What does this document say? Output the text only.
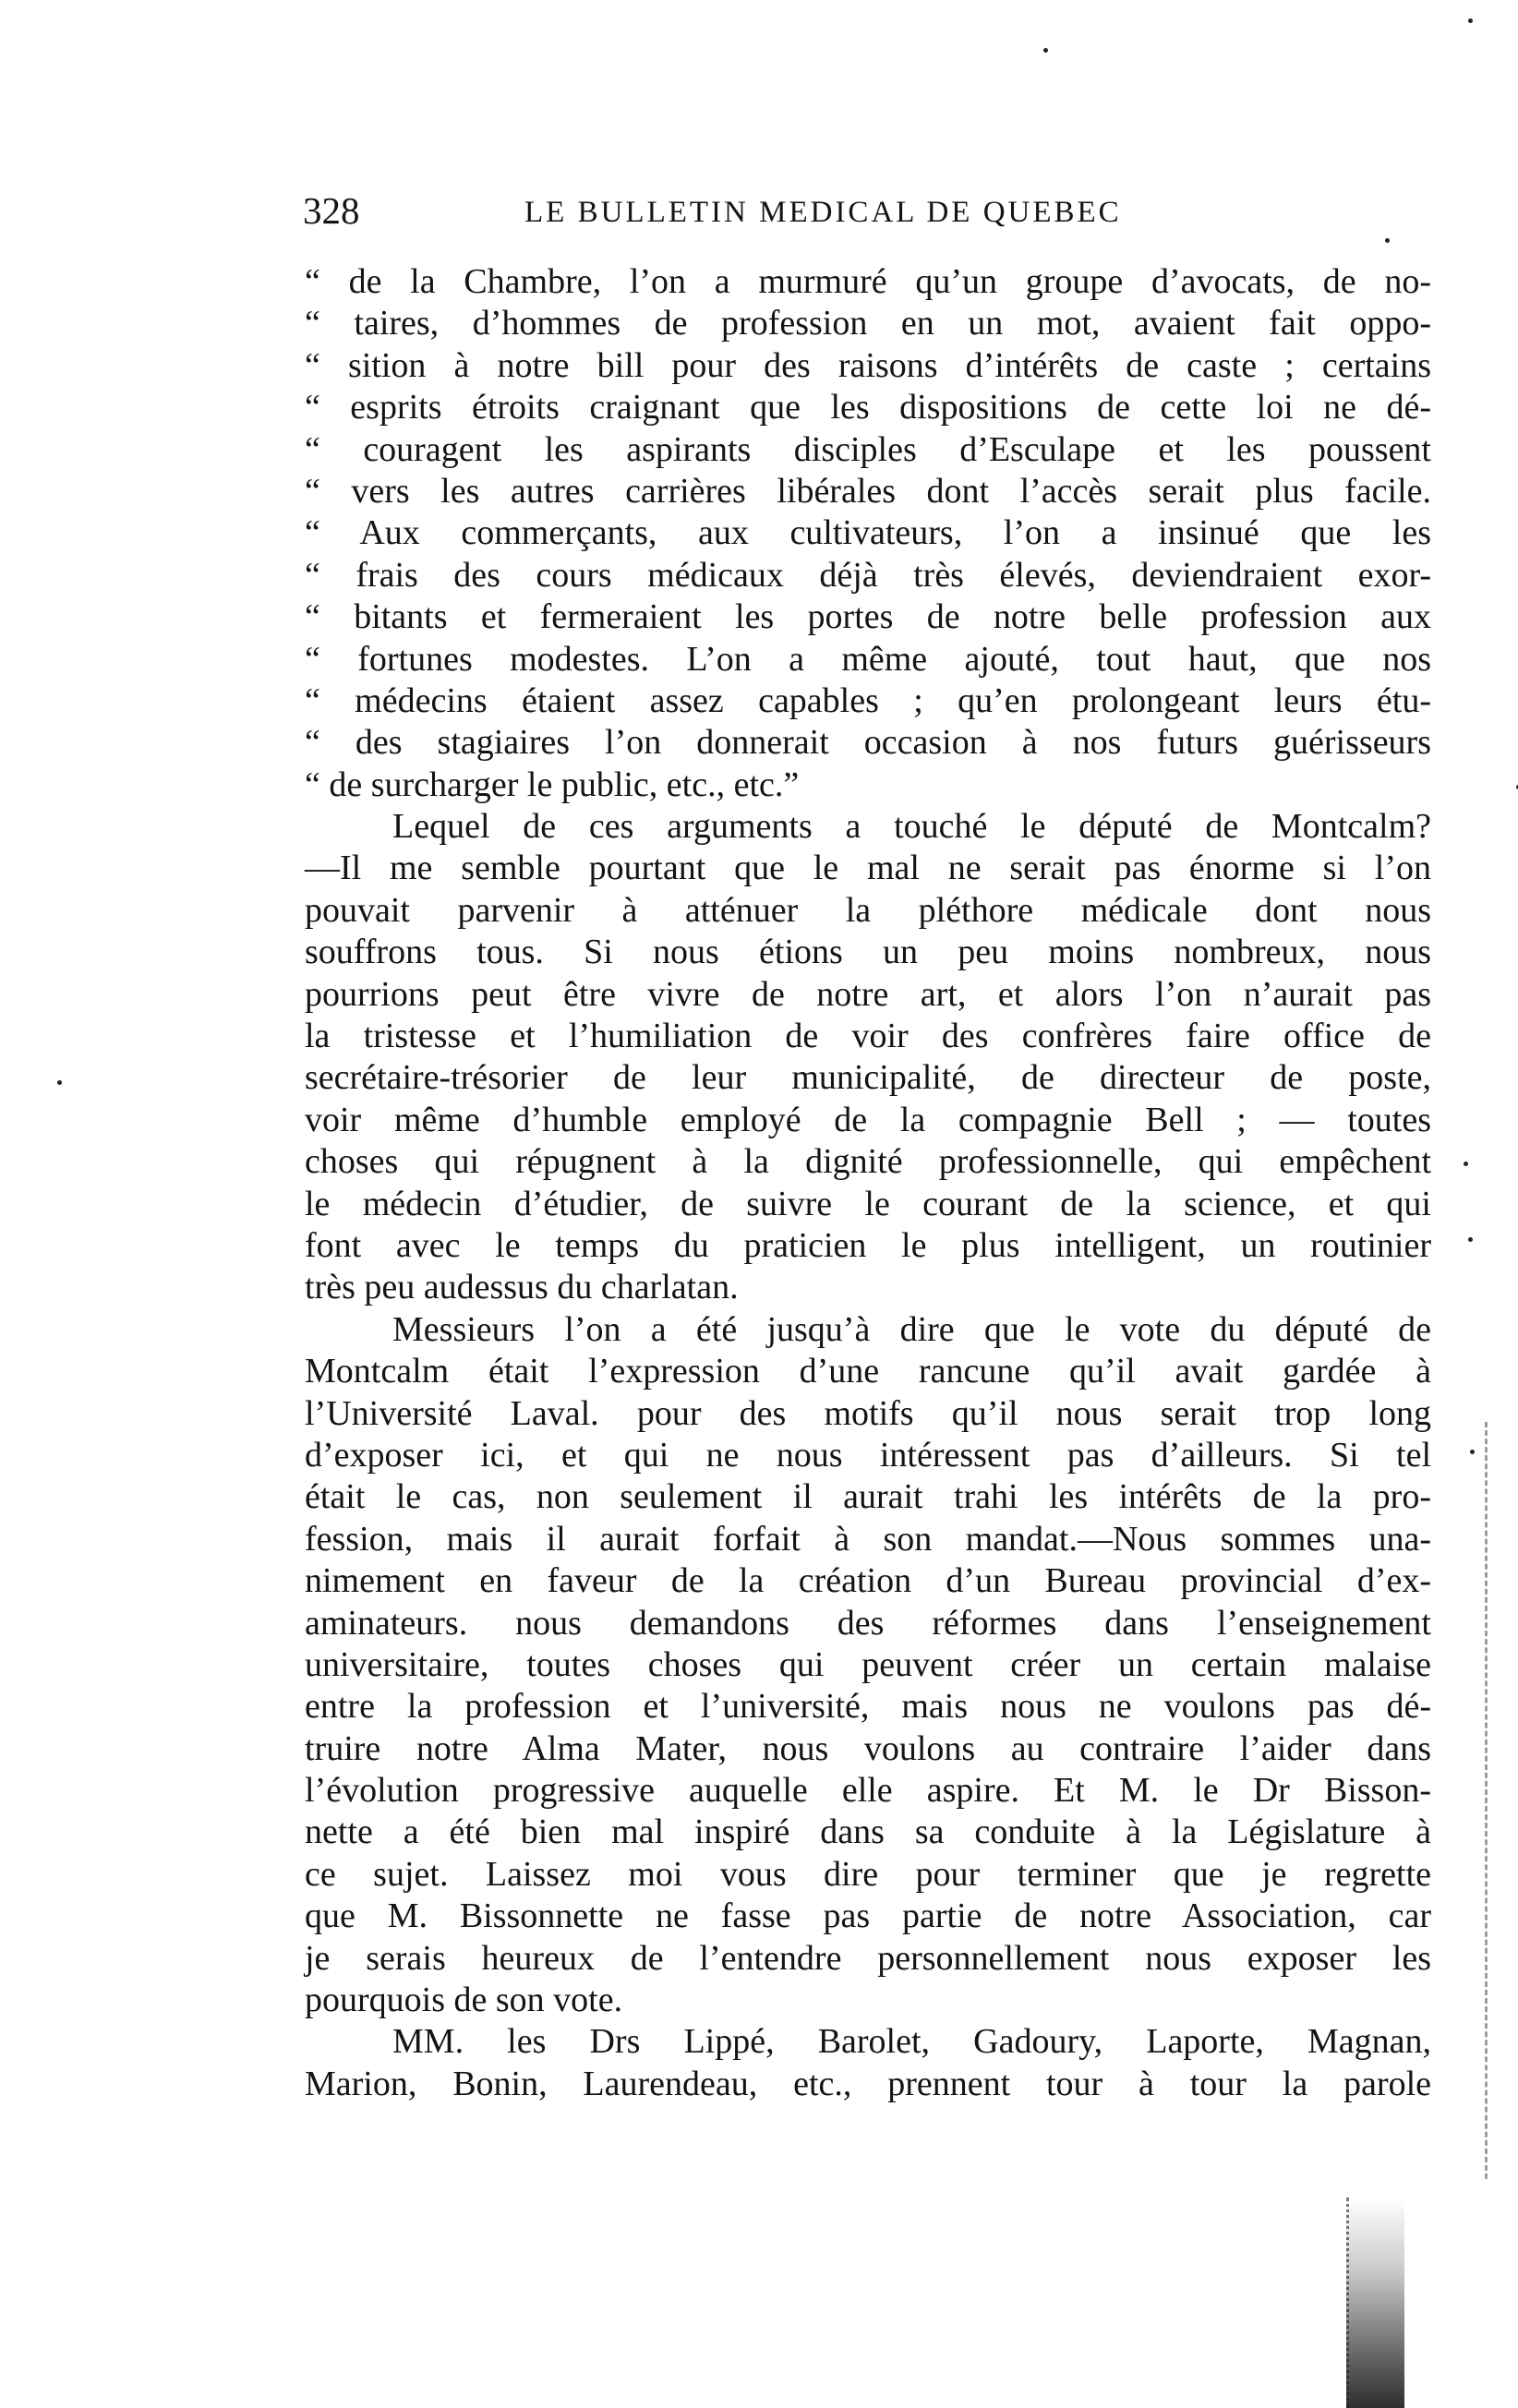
328	LE BULLETIN MEDICAL DE QUEBEC
“ de la Chambre, l’on a murmuré qu’un groupe d’avocats, de no-
“ taires, d’hommes de profession en un mot, avaient fait oppo-
“ sition à notre bill pour des raisons d’intérêts de caste ; certains
“ esprits étroits craignant que les dispositions de cette loi ne dé-
“ couragent les aspirants disciples d’Esculape et les poussent
“ vers les autres carrières libérales dont l’accès serait plus facile.
“ Aux commerçants, aux cultivateurs, l’on a insinué que les
“ frais des cours médicaux déjà très élevés, deviendraient exor-
“ bitants et fermeraient les portes de notre belle profession aux
“ fortunes modestes. L’on a même ajouté, tout haut, que nos
“ médecins étaient assez capables ; qu’en prolongeant leurs étu-
“ des stagiaires l’on donnerait occasion à nos futurs guérisseurs
“ de surcharger le public, etc., etc.”
Lequel de ces arguments a touché le député de Montcalm?
—Il me semble pourtant que le mal ne serait pas énorme si l’on
pouvait parvenir à atténuer la pléthore médicale dont nous
souffrons tous. Si nous étions un peu moins nombreux, nous
pourrions peut être vivre de notre art, et alors l’on n’aurait pas
la tristesse et l’humiliation de voir des confrères faire office de
secrétaire-trésorier de leur municipalité, de directeur de poste,
voir même d’humble employé de la compagnie Bell ; — toutes
choses qui répugnent à la dignité professionnelle, qui empêchent
le médecin d’étudier, de suivre le courant de la science, et qui
font avec le temps du praticien le plus intelligent, un routinier
très peu audessus du charlatan.
Messieurs l’on a été jusqu’à dire que le vote du député de
Montcalm était l’expression d’une rancune qu’il avait gardée à
l’Université Laval. pour des motifs qu’il nous serait trop long
d’exposer ici, et qui ne nous intéressent pas d’ailleurs. Si tel
était le cas, non seulement il aurait trahi les intérêts de la pro-
fession, mais il aurait forfait à son mandat.—Nous sommes una-
nimement en faveur de la création d’un Bureau provincial d’ex-
aminateurs. nous demandons des réformes dans l’enseignement
universitaire, toutes choses qui peuvent créer un certain malaise
entre la profession et l’université, mais nous ne voulons pas dé-
truire notre Alma Mater, nous voulons au contraire l’aider dans
l’évolution progressive auquelle elle aspire. Et M. le Dr Bisson-
nette a été bien mal inspiré dans sa conduite à la Législature à
ce sujet. Laissez moi vous dire pour terminer que je regrette
que M. Bissonnette ne fasse pas partie de notre Association, car
je serais heureux de l’entendre personnellement nous exposer les
pourquois de son vote.
MM. les Drs Lippé, Barolet, Gadoury, Laporte, Magnan,
Marion, Bonin, Laurendeau, etc., prennent tour à tour la parole
